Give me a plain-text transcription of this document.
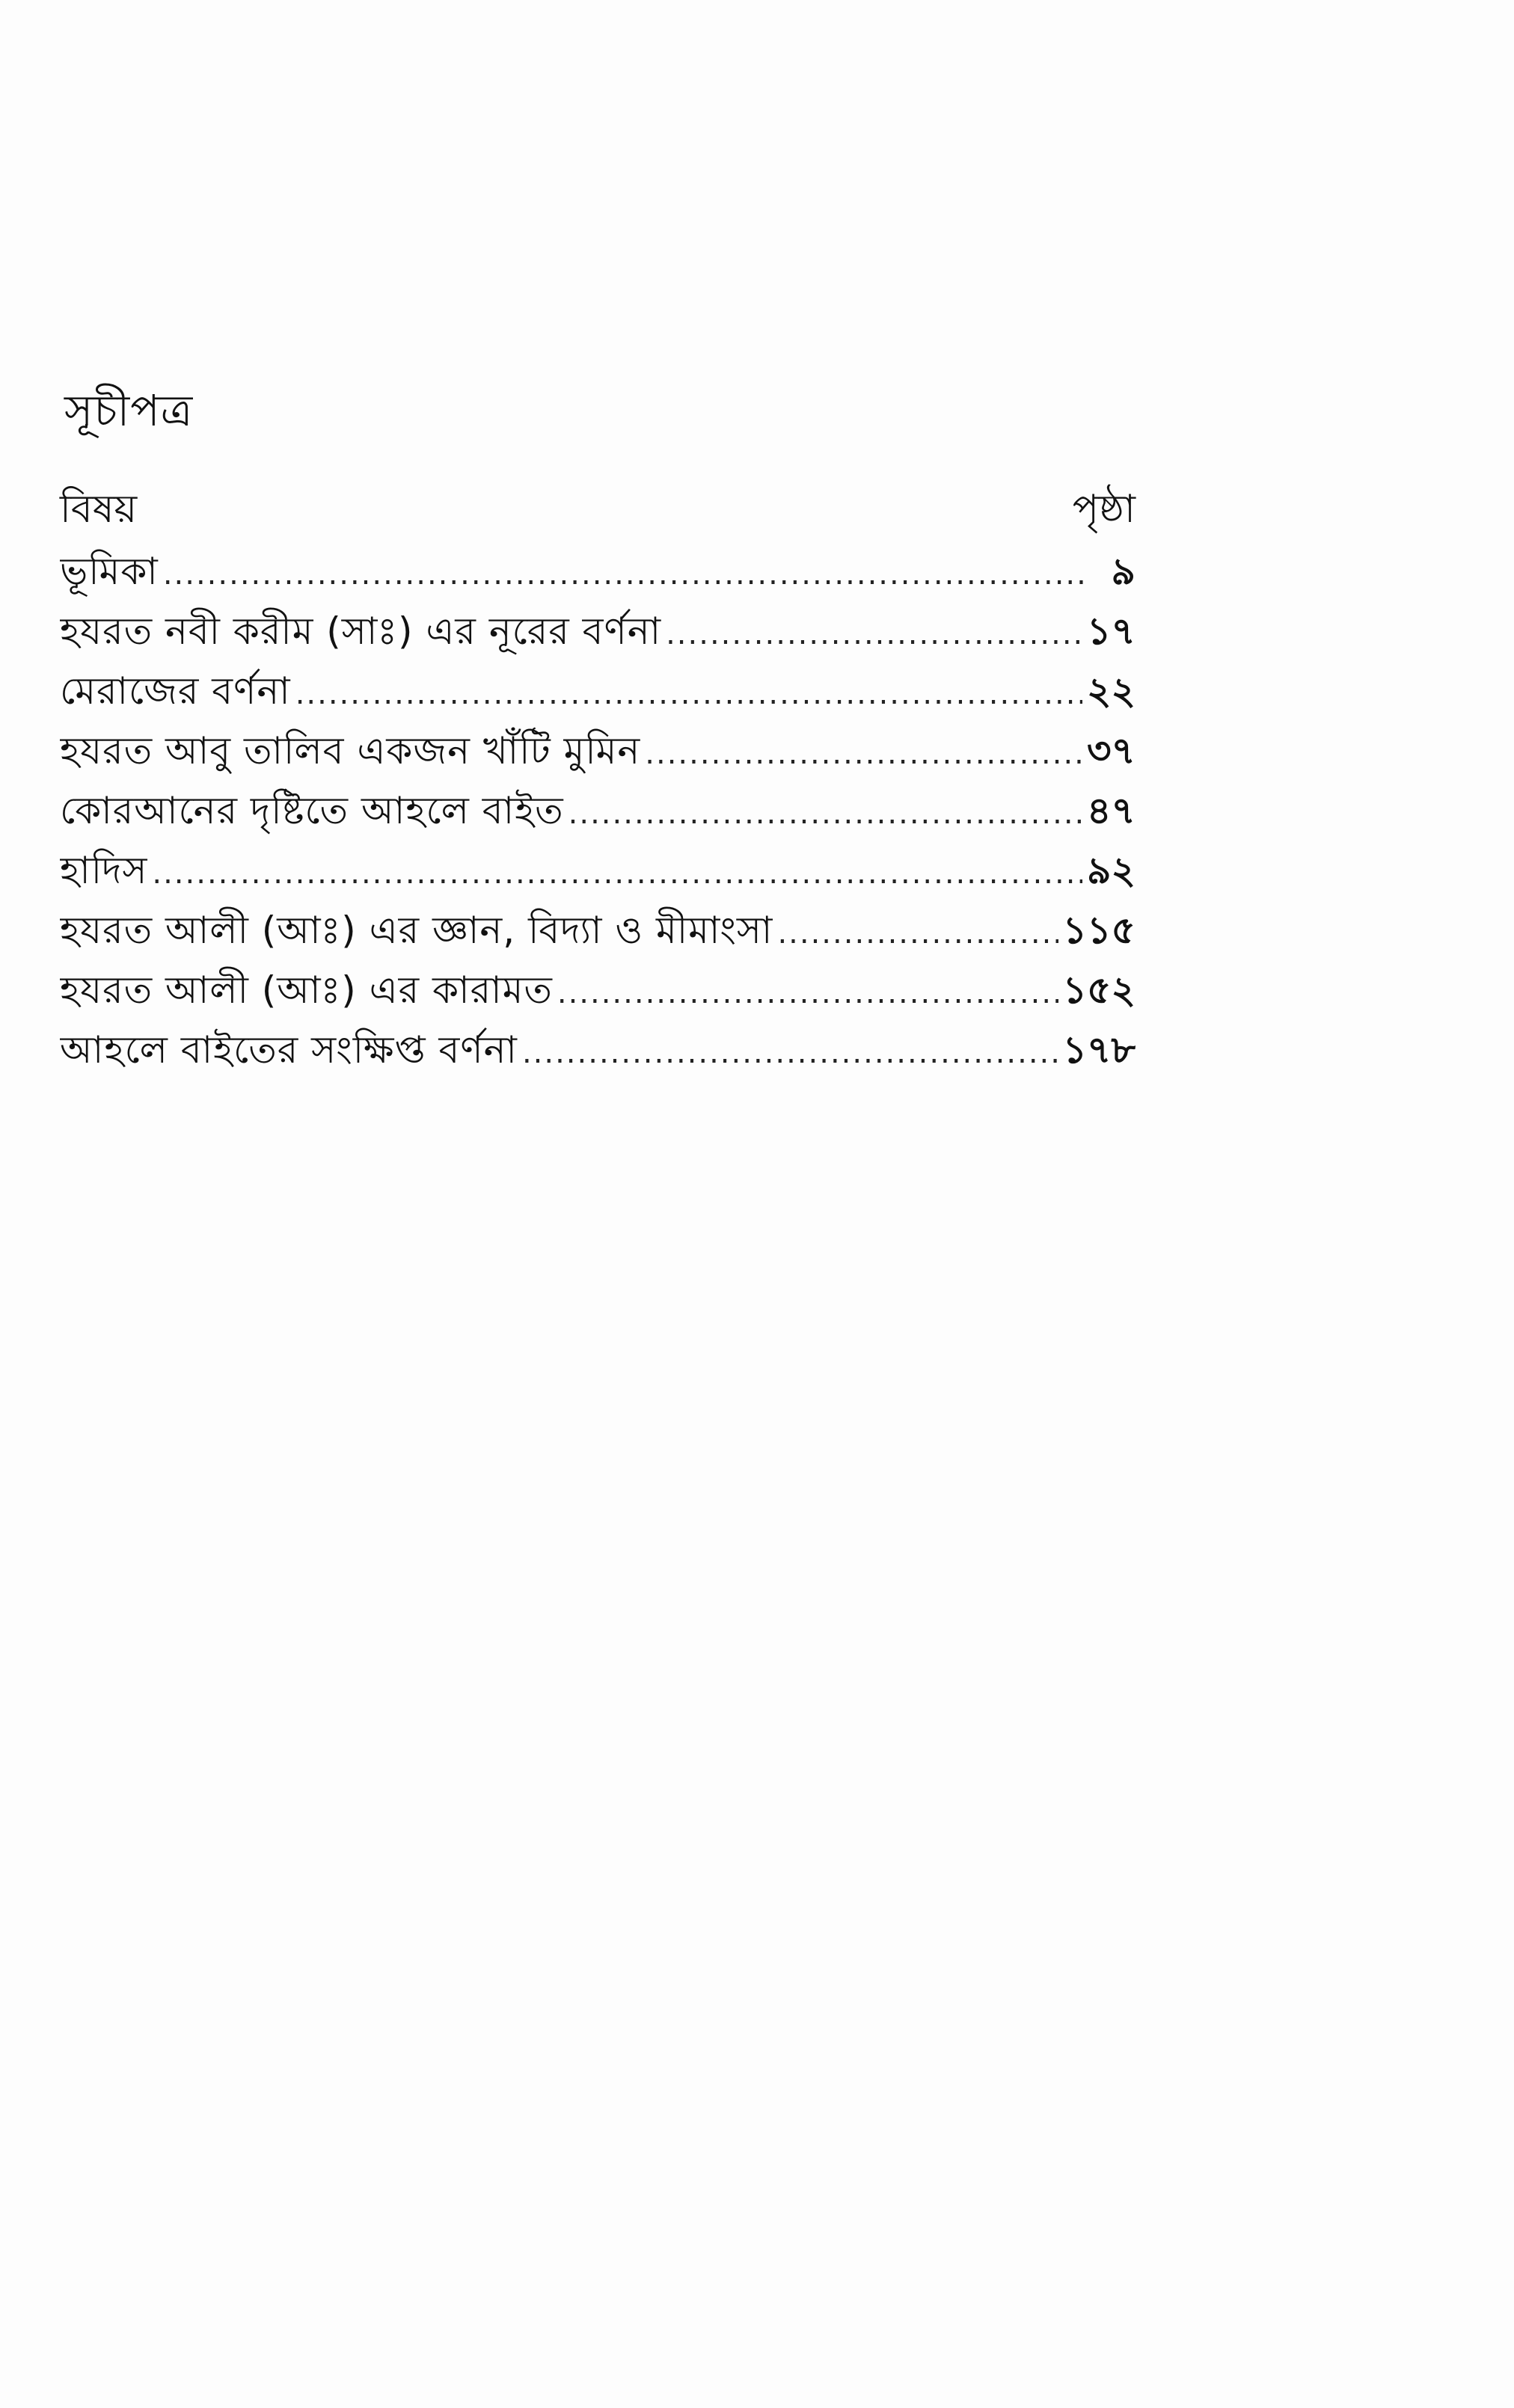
সূচীপত্র
বিষয়	পৃষ্ঠা
ভূমিকা .....	৯
হযরত নবী করীম (সাঃ) এর নূরের বর্ণনা .....	১৭
মেরাজের বর্ণনা .....	২২
হযরত আবু তালিব একজন খাঁটি মুমিন .....	৩৭
কোরআনের দৃষ্টিতে আহলে বাইত .....	৪৭
হাদিস .....	৯২
হযরত আলী (আঃ) এর জ্ঞান, বিদ্যা ও মীমাংসা .....	১১৫
হযরত আলী (আঃ) এর কারামত .....	১৫২
আহলে বাইতের সংক্ষিপ্ত বর্ণনা .....	১৭৮
